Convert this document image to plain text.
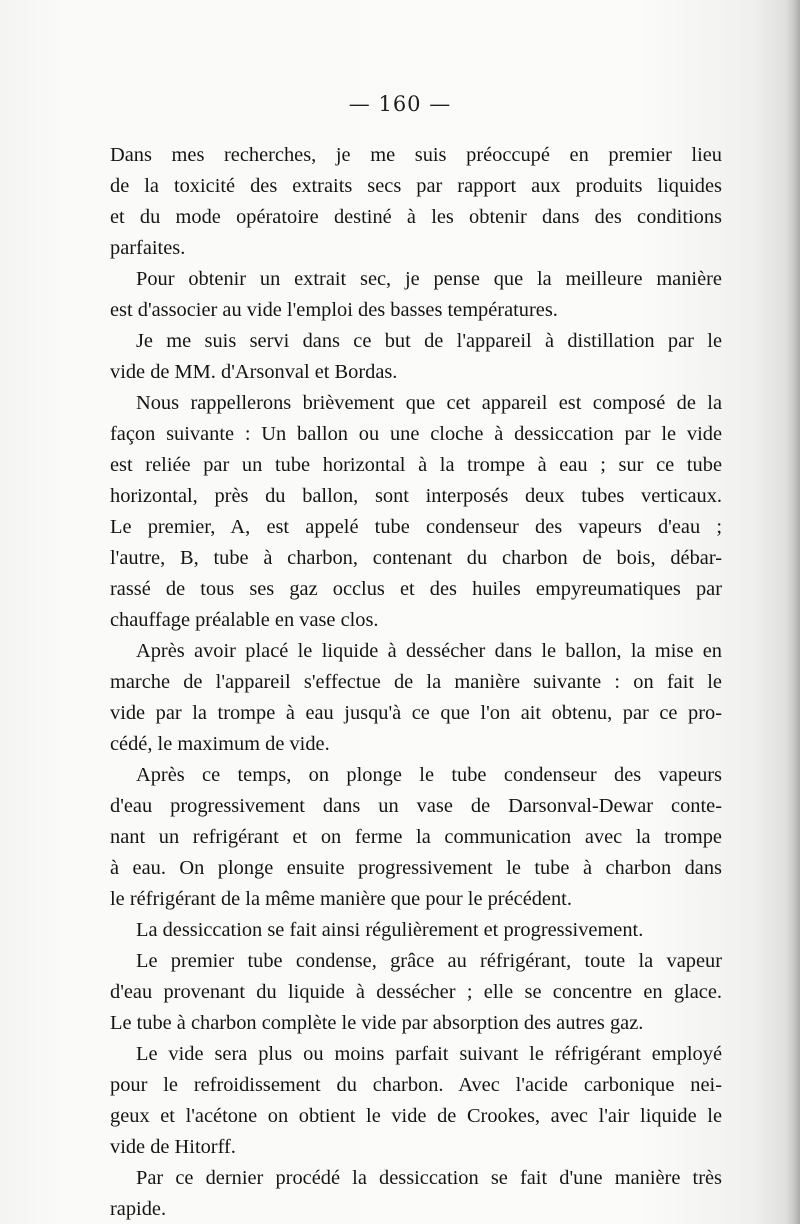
— 160 —
Dans mes recherches, je me suis préoccupé en premier lieu
de la toxicité des extraits secs par rapport aux produits liquides
et du mode opératoire destiné à les obtenir dans des conditions
parfaites.
Pour obtenir un extrait sec, je pense que la meilleure manière
est d'associer au vide l'emploi des basses températures.
Je me suis servi dans ce but de l'appareil à distillation par le
vide de MM. d'Arsonval et Bordas.
Nous rappellerons brièvement que cet appareil est composé de la
façon suivante : Un ballon ou une cloche à dessiccation par le vide
est reliée par un tube horizontal à la trompe à eau ; sur ce tube
horizontal, près du ballon, sont interposés deux tubes verticaux.
Le premier, A, est appelé tube condenseur des vapeurs d'eau ;
l'autre, B, tube à charbon, contenant du charbon de bois, débar-
rassé de tous ses gaz occlus et des huiles empyreumatiques par
chauffage préalable en vase clos.
Après avoir placé le liquide à dessécher dans le ballon, la mise en
marche de l'appareil s'effectue de la manière suivante : on fait le
vide par la trompe à eau jusqu'à ce que l'on ait obtenu, par ce pro-
cédé, le maximum de vide.
Après ce temps, on plonge le tube condenseur des vapeurs
d'eau progressivement dans un vase de Darsonval-Dewar conte-
nant un refrigérant et on ferme la communication avec la trompe
à eau. On plonge ensuite progressivement le tube à charbon dans
le réfrigérant de la même manière que pour le précédent.
La dessiccation se fait ainsi régulièrement et progressivement.
Le premier tube condense, grâce au réfrigérant, toute la vapeur
d'eau provenant du liquide à dessécher ; elle se concentre en glace.
Le tube à charbon complète le vide par absorption des autres gaz.
Le vide sera plus ou moins parfait suivant le réfrigérant employé
pour le refroidissement du charbon. Avec l'acide carbonique nei-
geux et l'acétone on obtient le vide de Crookes, avec l'air liquide le
vide de Hitorff.
Par ce dernier procédé la dessiccation se fait d'une manière très
rapide.
